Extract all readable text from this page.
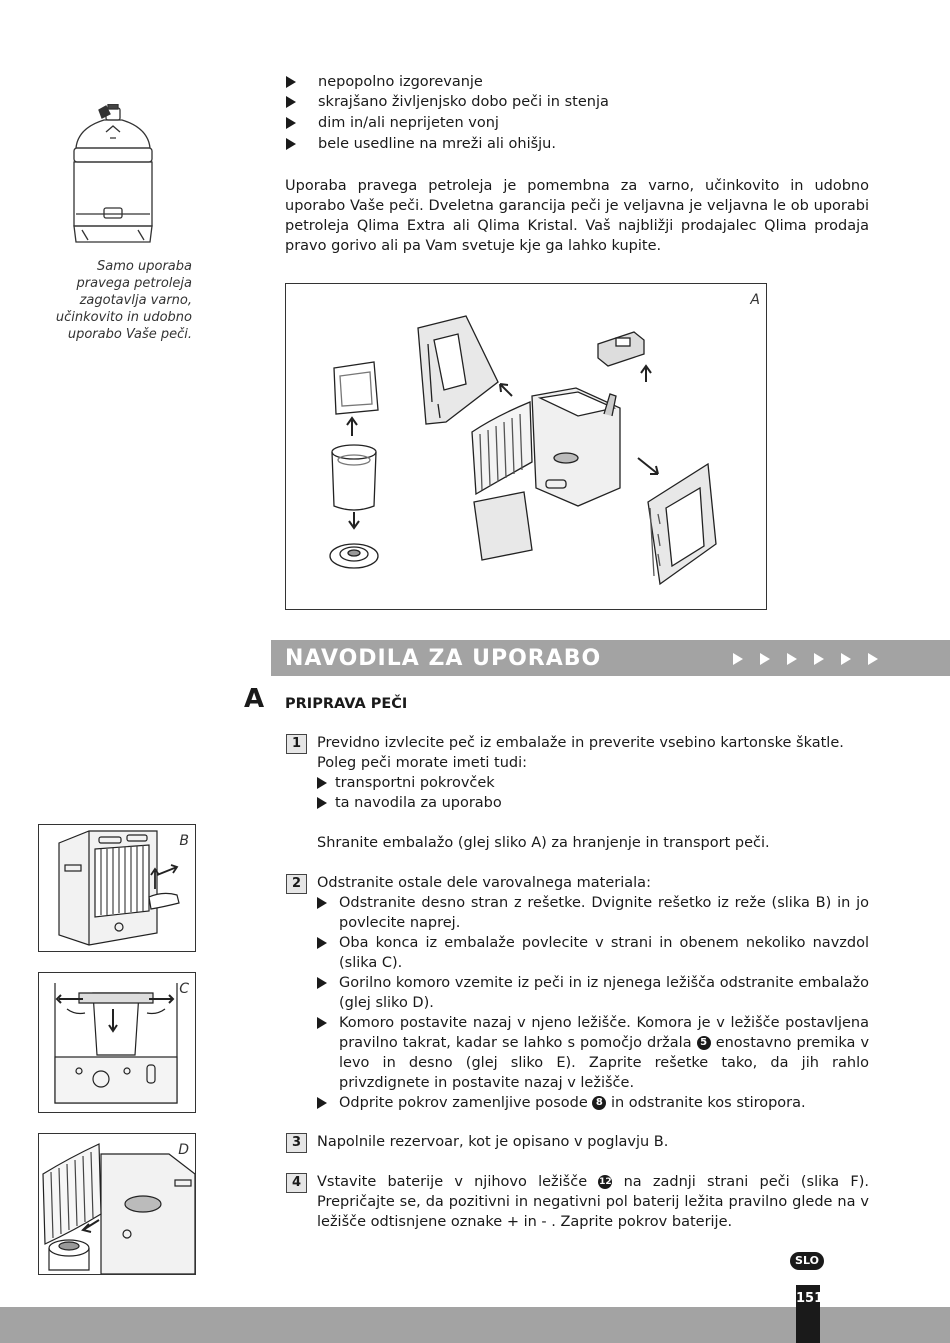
nepopolno izgorevanje
skrajšano življenjsko dobo peči in stenja
dim in/ali neprijeten vonj
bele usedline na mreži ali ohišju.
Uporaba pravega petroleja je pomembna za varno, učinkovito in udobno uporabo Vaše peči. Dveletna garancija peči je veljavna je veljavna le ob uporabi petroleja Qlima Extra ali Qlima Kristal. Vaš najbližji prodajalec Qlima prodaja pravo gorivo ali pa Vam svetuje kje ga lahko kupite.
Samo uporaba pravega petroleja zagotavlja varno, učinkovito in udobno uporabo Vaše peči.
A
NAVODILA ZA UPORABO
A PRIPRAVA PEČI
1	Previdno izvlecite peč iz embalaže in preverite vsebino kartonske škatle.
Poleg peči morate imeti tudi:
transportni pokrovček
ta navodila za uporabo
Shranite embalažo (glej sliko A) za hranjenje in transport peči.
2	Odstranite ostale dele varovalnega materiala:
Odstranite desno stran z rešetke. Dvignite rešetko iz reže (slika B) in jo povlecite naprej.
Oba konca iz embalaže povlecite v strani in obenem nekoliko navzdol (slika C).
Gorilno komoro vzemite iz peči in iz njenega ležišča odstranite embalažo (glej sliko D).
Komoro postavite nazaj v njeno ležišče. Komora je v ležišče postavljena pravilno takrat, kadar se lahko s pomočjo držala 5 enostavno premika v levo in desno (glej sliko E). Zaprite rešetke tako, da jih rahlo privzdignete in postavite nazaj v ležišče.
Odprite pokrov zamenljive posode 8 in odstranite kos stiropora.
3	Napolnile rezervoar, kot je opisano v poglavju B.
4	Vstavite baterije v njihovo ležišče 12 na zadnji strani peči (slika F). Prepričajte se, da pozitivni in negativni pol baterij ležita pravilno glede na v ležišče odtisnjene oznake + in - . Zaprite pokrov baterije.
B
C
D
SLO
151
